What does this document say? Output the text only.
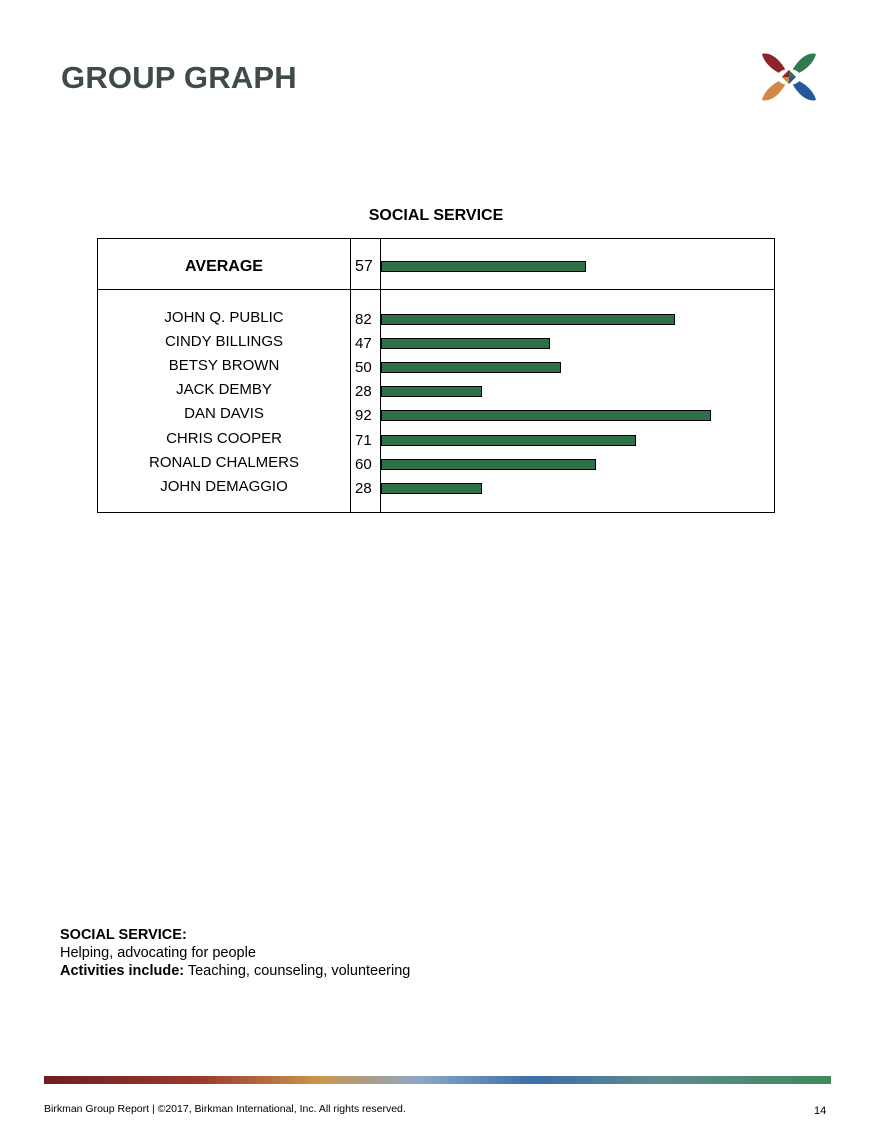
GROUP GRAPH
SOCIAL SERVICE
AVERAGE	57
JOHN Q. PUBLIC	82
CINDY BILLINGS	47
BETSY BROWN	50
JACK DEMBY	28
DAN DAVIS	92
CHRIS COOPER	71
RONALD CHALMERS	60
JOHN DEMAGGIO	28
SOCIAL SERVICE:
Helping, advocating for people
Activities include: Teaching, counseling, volunteering
Birkman Group Report | ©2017, Birkman International, Inc. All rights reserved.	14
